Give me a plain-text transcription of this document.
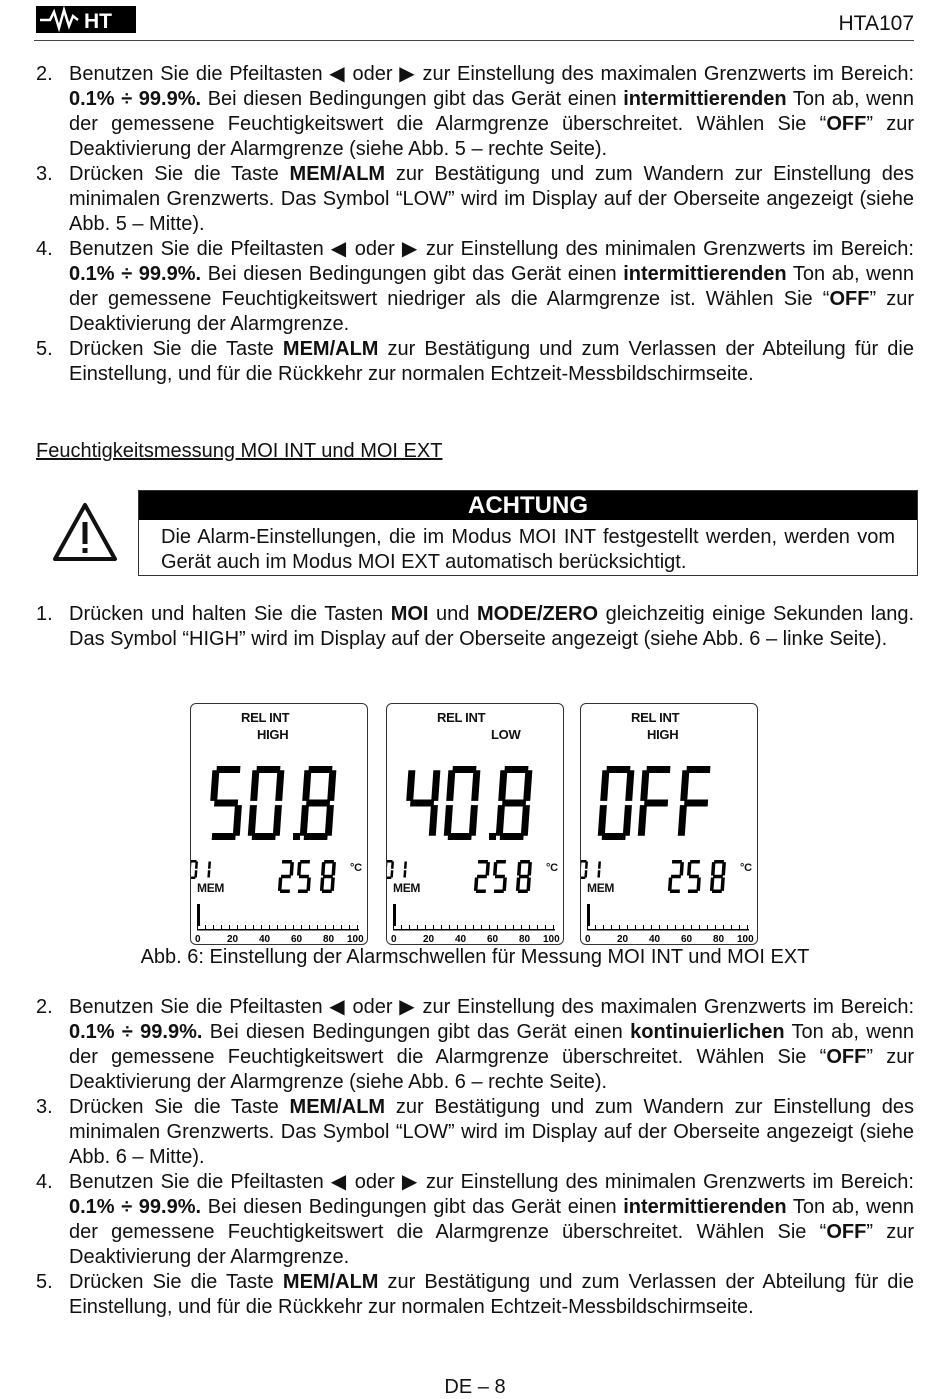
HT	HTA107
2. Benutzen Sie die Pfeiltasten ◀ oder ▶ zur Einstellung des maximalen Grenzwerts im Bereich: 0.1% ÷ 99.9%. Bei diesen Bedingungen gibt das Gerät einen intermittierenden Ton ab, wenn der gemessene Feuchtigkeitswert die Alarmgrenze überschreitet. Wählen Sie “OFF” zur Deaktivierung der Alarmgrenze (siehe Abb. 5 – rechte Seite).
3. Drücken Sie die Taste MEM/ALM zur Bestätigung und zum Wandern zur Einstellung des minimalen Grenzwerts. Das Symbol “LOW” wird im Display auf der Oberseite angezeigt (siehe Abb. 5 – Mitte).
4. Benutzen Sie die Pfeiltasten ◀ oder ▶ zur Einstellung des minimalen Grenzwerts im Bereich: 0.1% ÷ 99.9%. Bei diesen Bedingungen gibt das Gerät einen intermittierenden Ton ab, wenn der gemessene Feuchtigkeitswert niedriger als die Alarmgrenze ist. Wählen Sie “OFF” zur Deaktivierung der Alarmgrenze.
5. Drücken Sie die Taste MEM/ALM zur Bestätigung und zum Verlassen der Abteilung für die Einstellung, und für die Rückkehr zur normalen Echtzeit-Messbildschirmseite.
Feuchtigkeitsmessung MOI INT und MOI EXT
ACHTUNG
Die Alarm-Einstellungen, die im Modus MOI INT festgestellt werden, werden vom Gerät auch im Modus MOI EXT automatisch berücksichtigt.
1. Drücken und halten Sie die Tasten MOI und MODE/ZERO gleichzeitig einige Sekunden lang. Das Symbol “HIGH” wird im Display auf der Oberseite angezeigt (siehe Abb. 6 – linke Seite).
0	20 40 60 80 100
REL INT
HIGH
MEM
°C
0	20 40 60 80 100
REL INT
LOW
MEM
°C
0	20 40 60 80 100
REL INT
HIGH
MEM
°C
Abb. 6: Einstellung der Alarmschwellen für Messung MOI INT und MOI EXT
2. Benutzen Sie die Pfeiltasten ◀ oder ▶ zur Einstellung des maximalen Grenzwerts im Bereich: 0.1% ÷ 99.9%. Bei diesen Bedingungen gibt das Gerät einen kontinuierlichen Ton ab, wenn der gemessene Feuchtigkeitswert die Alarmgrenze überschreitet. Wählen Sie “OFF” zur Deaktivierung der Alarmgrenze (siehe Abb. 6 – rechte Seite).
3. Drücken Sie die Taste MEM/ALM zur Bestätigung und zum Wandern zur Einstellung des minimalen Grenzwerts. Das Symbol “LOW” wird im Display auf der Oberseite angezeigt (siehe Abb. 6 – Mitte).
4. Benutzen Sie die Pfeiltasten ◀ oder ▶ zur Einstellung des minimalen Grenzwerts im Bereich: 0.1% ÷ 99.9%. Bei diesen Bedingungen gibt das Gerät einen intermittierenden Ton ab, wenn der gemessene Feuchtigkeitswert die Alarmgrenze überschreitet. Wählen Sie “OFF” zur Deaktivierung der Alarmgrenze.
5. Drücken Sie die Taste MEM/ALM zur Bestätigung und zum Verlassen der Abteilung für die Einstellung, und für die Rückkehr zur normalen Echtzeit-Messbildschirmseite.
DE – 8
